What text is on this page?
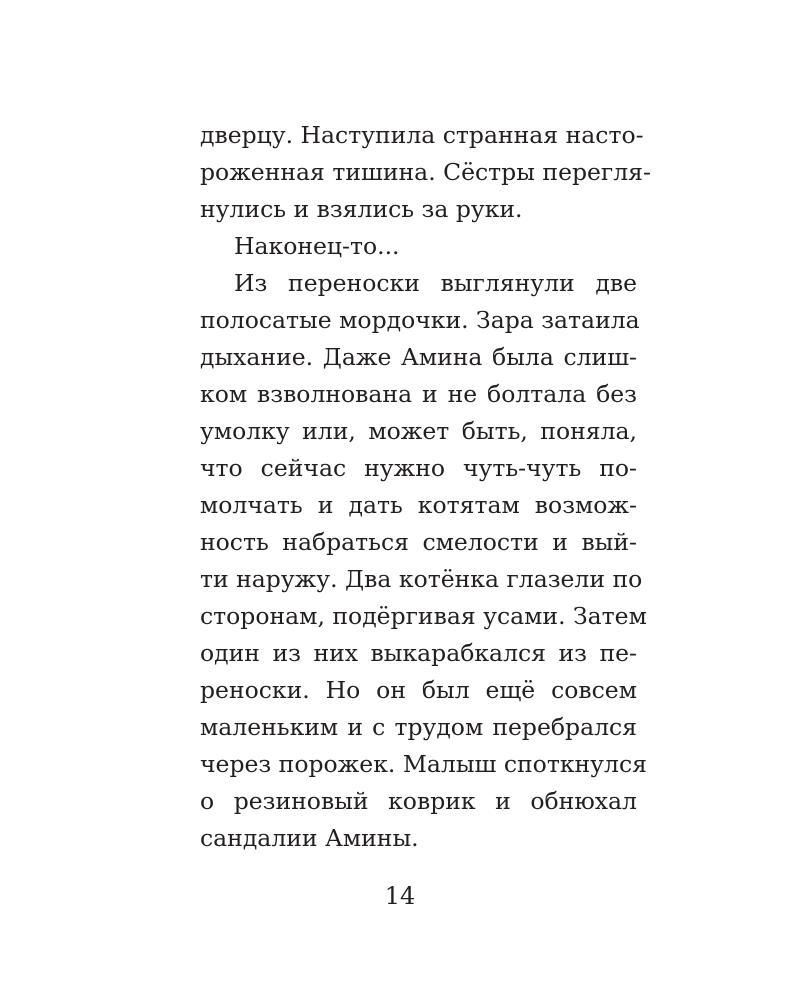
дверцу. Наступила странная насто-
роженная тишина. Сёстры перегля-
нулись и взялись за руки.
Наконец-то...
Из переноски выглянули две
полосатые мордочки. Зара затаила
дыхание. Даже Амина была слиш-
ком взволнована и не болтала без
умолку или, может быть, поняла,
что сейчас нужно чуть-чуть по-
молчать и дать котятам возмож-
ность набраться смелости и вый-
ти наружу. Два котёнка глазели по
сторонам, подёргивая усами. Затем
один из них выкарабкался из пе-
реноски. Но он был ещё совсем
маленьким и с трудом перебрался
через порожек. Малыш споткнулся
о резиновый коврик и обнюхал
сандалии Амины.
14
